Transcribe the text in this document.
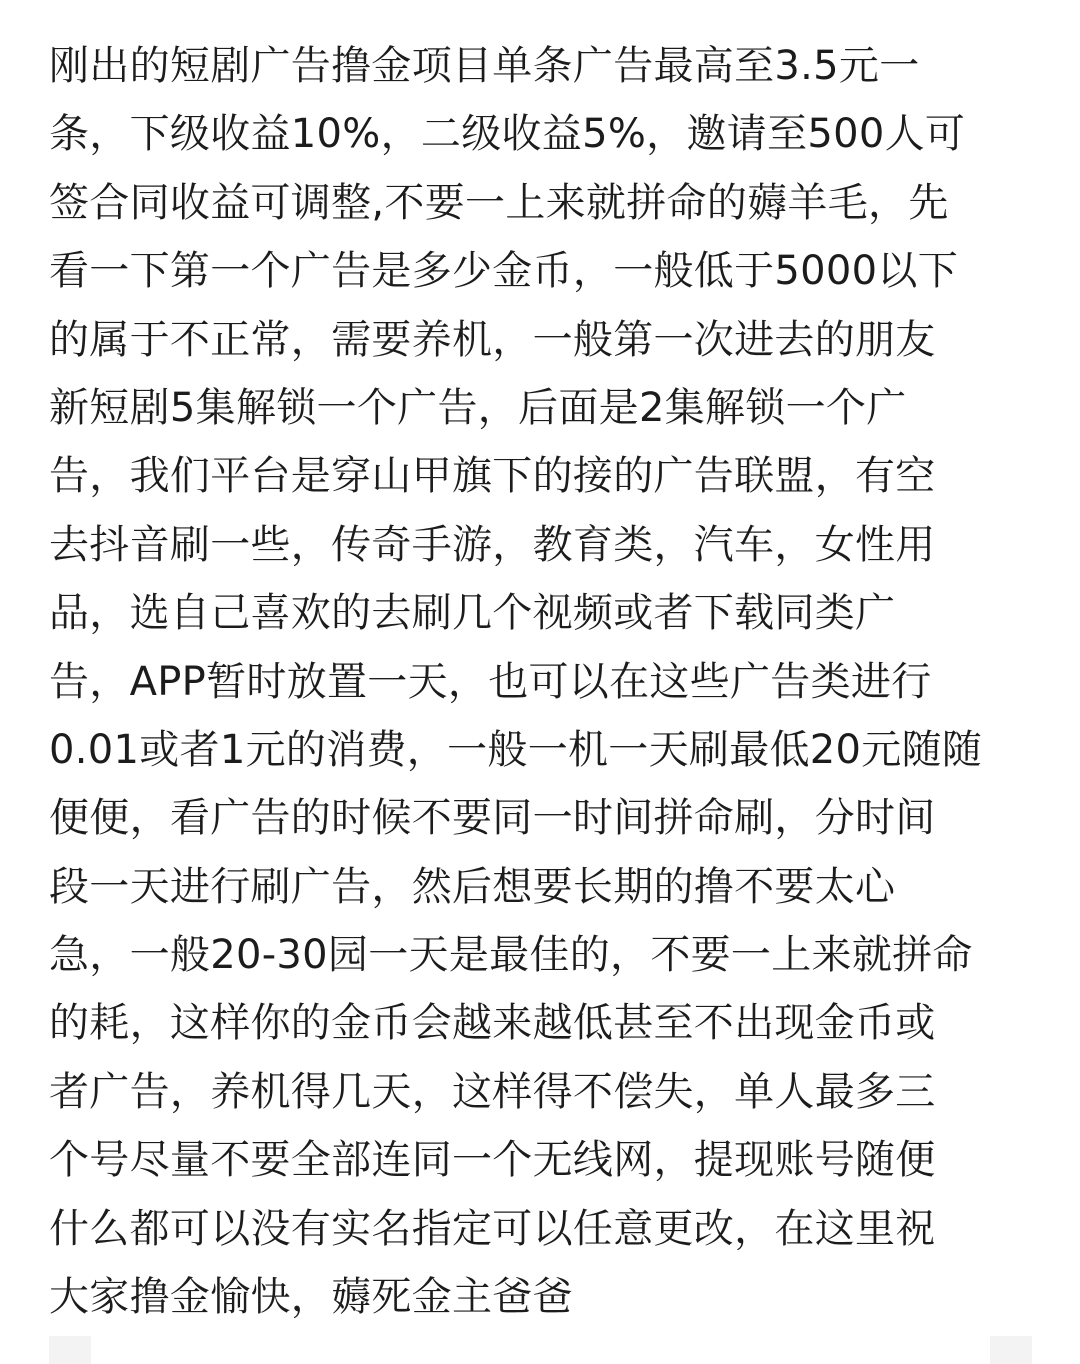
刚出的短剧广告撸金项目单条广告最高至3.5元一
条，下级收益10%，二级收益5%，邀请至500人可
签合同收益可调整,不要一上来就拼命的薅羊毛，先
看一下第一个广告是多少金币，一般低于5000以下
的属于不正常，需要养机，一般第一次进去的朋友
新短剧5集解锁一个广告，后面是2集解锁一个广
告，我们平台是穿山甲旗下的接的广告联盟，有空
去抖音刷一些，传奇手游，教育类，汽车，女性用
品，选自己喜欢的去刷几个视频或者下载同类广
告，APP暂时放置一天，也可以在这些广告类进行
0.01或者1元的消费，一般一机一天刷最低20元随随
便便，看广告的时候不要同一时间拼命刷，分时间
段一天进行刷广告，然后想要长期的撸不要太心
急，一般20-30园一天是最佳的，不要一上来就拼命
的耗，这样你的金币会越来越低甚至不出现金币或
者广告，养机得几天，这样得不偿失，单人最多三
个号尽量不要全部连同一个无线网，提现账号随便
什么都可以没有实名指定可以任意更改，在这里祝
大家撸金愉快，薅死金主爸爸
